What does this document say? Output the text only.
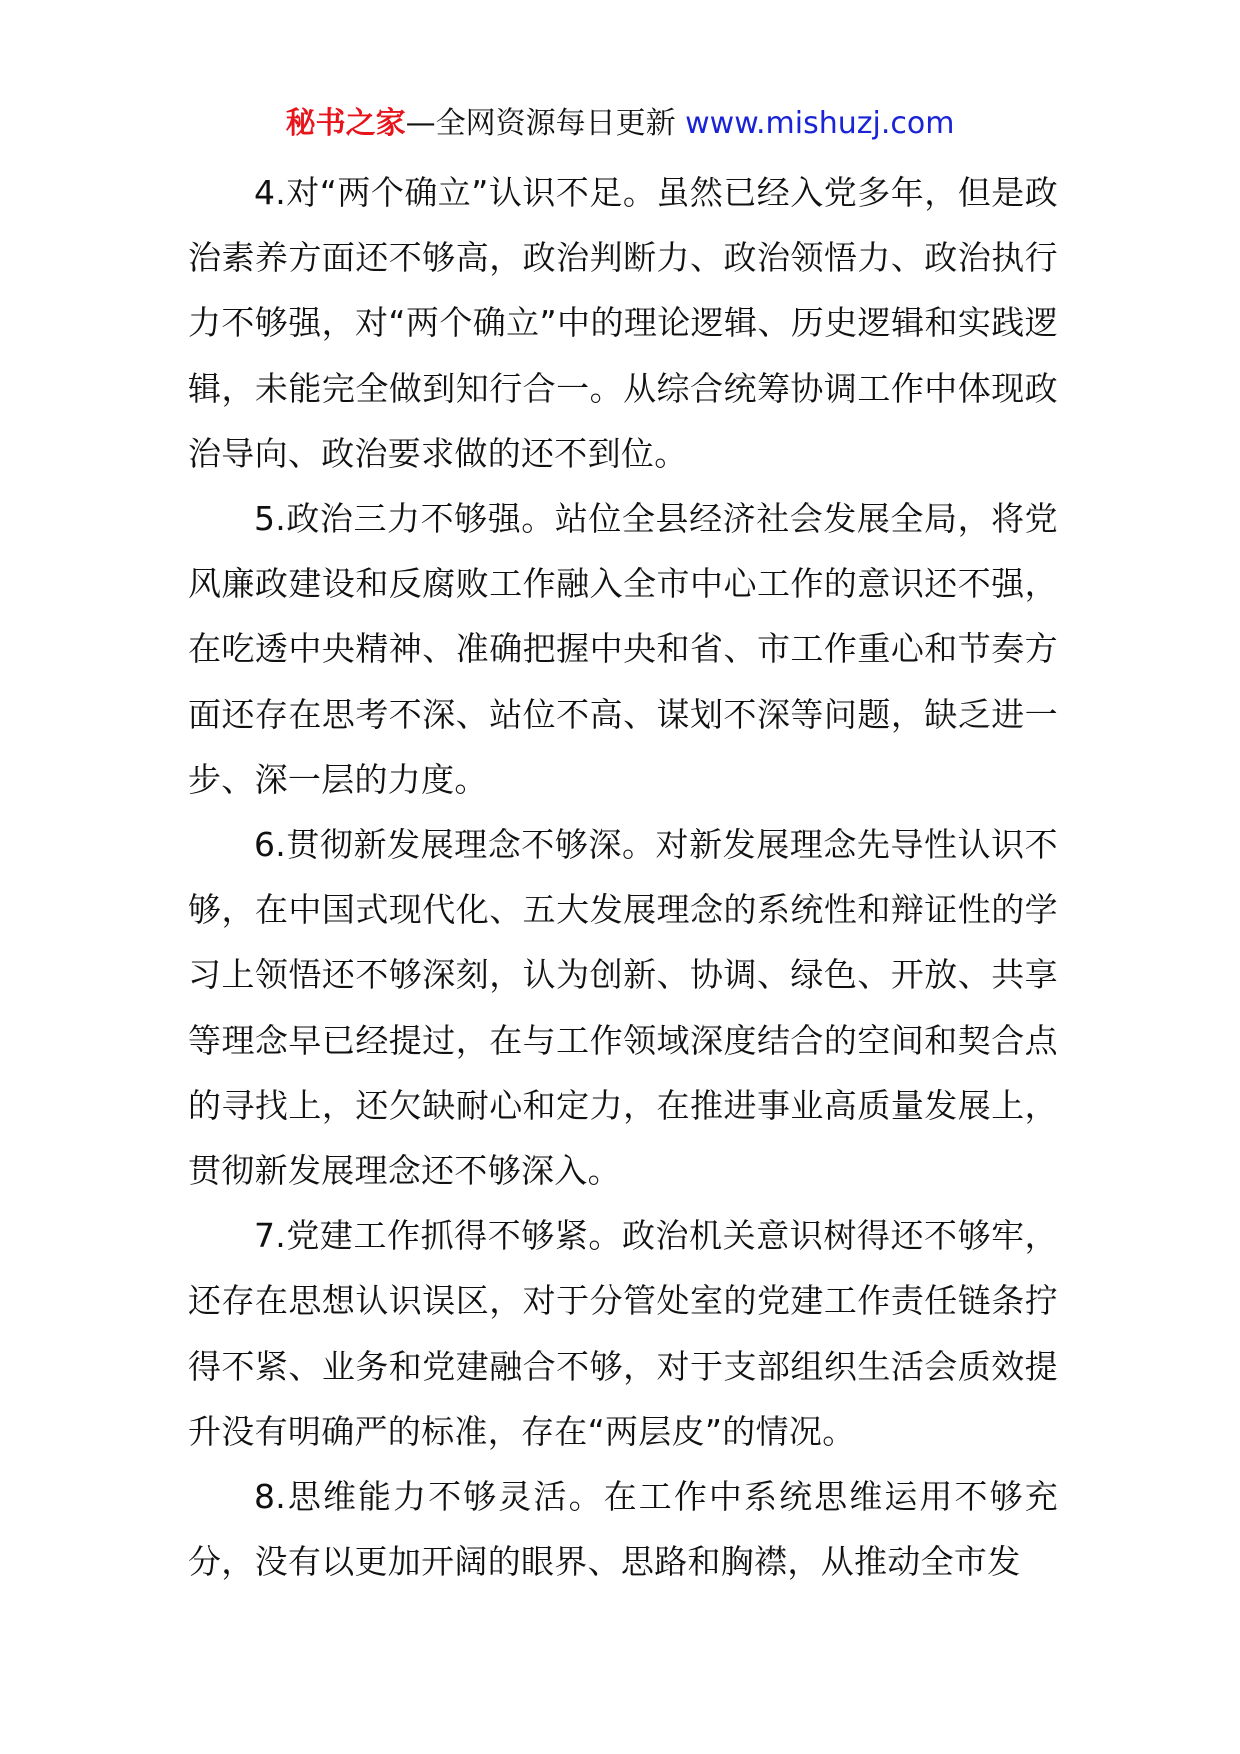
秘书之家—全网资源每日更新 www.mishuzj.com

4.对“两个确立”认识不足。虽然已经入党多年，但是政治素养方面还不够高，政治判断力、政治领悟力、政治执行力不够强，对“两个确立”中的理论逻辑、历史逻辑和实践逻辑，未能完全做到知行合一。从综合统筹协调工作中体现政治导向、政治要求做的还不到位。

5.政治三力不够强。站位全县经济社会发展全局，将党风廉政建设和反腐败工作融入全市中心工作的意识还不强，在吃透中央精神、准确把握中央和省、市工作重心和节奏方面还存在思考不深、站位不高、谋划不深等问题，缺乏进一步、深一层的力度。

6.贯彻新发展理念不够深。对新发展理念先导性认识不够，在中国式现代化、五大发展理念的系统性和辩证性的学习上领悟还不够深刻，认为创新、协调、绿色、开放、共享等理念早已经提过，在与工作领域深度结合的空间和契合点的寻找上，还欠缺耐心和定力，在推进事业高质量发展上，贯彻新发展理念还不够深入。

7.党建工作抓得不够紧。政治机关意识树得还不够牢，还存在思想认识误区，对于分管处室的党建工作责任链条拧得不紧、业务和党建融合不够，对于支部组织生活会质效提升没有明确严的标准，存在“两层皮”的情况。

8.思维能力不够灵活。在工作中系统思维运用不够充分，没有以更加开阔的眼界、思路和胸襟，从推动全市发
